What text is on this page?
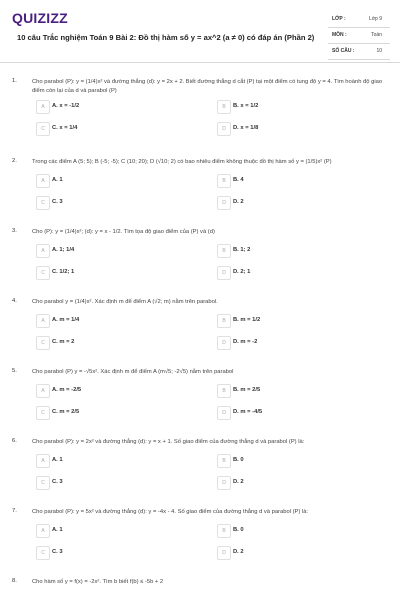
QUIZIZZ
10 câu Trắc nghiệm Toán 9 Bài 2: Đồ thị hàm số y = ax^2 (a ≠ 0) có đáp án (Phần 2)
LỚP :	Lớp 9
MÔN :	Toán
SỐ CÂU :	10
1.	Cho parabol (P): y = (1/4)x² và đường thẳng (d): y = 2x + 2. Biết đường thẳng d cắt (P) tại một điểm có tung độ y = 4. Tìm hoành độ giao điểm còn lại của d và parabol (P)
A	A. x = -1/2	B	B. x = 1/2
C	C. x = 1/4	D	D. x = 1/8
2.	Trong các điểm A (5; 5); B (-5; -5); C (10; 20); D (√10; 2) có bao nhiêu điểm không thuộc đồ thị hàm số y = (1/5)x² (P)
A	A. 1	B	B. 4
C	C. 3	D	D. 2
3.	Cho (P): y = (1/4)x²; (d): y = x - 1/2. Tìm tọa độ giao điểm của (P) và (d)
A	A. 1; 1/4	B	B. 1; 2
C	C. 1/2; 1	D	D. 2; 1
4.	Cho parabol y = (1/4)x². Xác định m để điểm A (√2; m) nằm trên parabol.
A	A. m = 1/4	B	B. m = 1/2
C	C. m = 2	D	D. m = -2
5.	Cho parabol (P) y = -√5x². Xác định m để điểm A (m√5; -2√5) nằm trên parabol
A	A. m = -2/5	B	B. m = 2/5
C	C. m = 2/5	D	D. m = -4/5
6.	Cho parabol (P): y = 2x² và đường thẳng (d): y = x + 1. Số giao điểm của đường thẳng d và parabol (P) là:
A	A. 1	B	B. 0
C	C. 3	D	D. 2
7.	Cho parabol (P): y = 5x² và đường thẳng (d): y = -4x - 4. Số giao điểm của đường thẳng d và parabol (P) là:
A	A. 1	B	B. 0
C	C. 3	D	D. 2
8.	Cho hàm số y = f(x) = -2x². Tìm b biết f(b) ≤ -5b + 2
